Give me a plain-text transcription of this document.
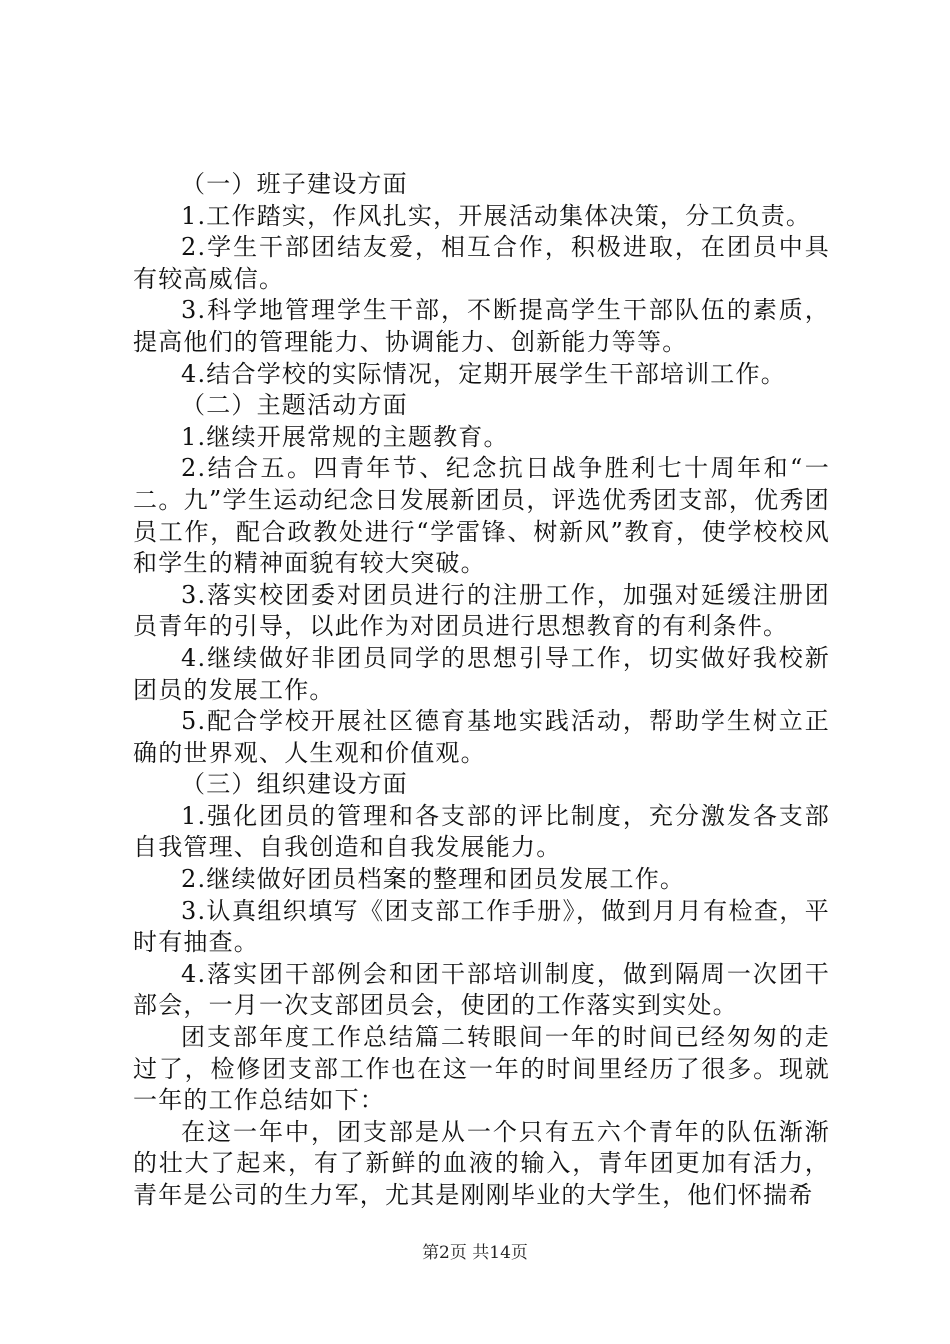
（一）班子建设方面

1.工作踏实，作风扎实，开展活动集体决策，分工负责。

2.学生干部团结友爱，相互合作，积极进取，在团员中具有较高威信。

3.科学地管理学生干部，不断提高学生干部队伍的素质，提高他们的管理能力、协调能力、创新能力等等。

4.结合学校的实际情况，定期开展学生干部培训工作。

（二）主题活动方面

1.继续开展常规的主题教育。

2.结合五。四青年节、纪念抗日战争胜利七十周年和“一二。九”学生运动纪念日发展新团员，评选优秀团支部，优秀团员工作，配合政教处进行“学雷锋、树新风”教育，使学校校风和学生的精神面貌有较大突破。

3.落实校团委对团员进行的注册工作，加强对延缓注册团员青年的引导，以此作为对团员进行思想教育的有利条件。

4.继续做好非团员同学的思想引导工作，切实做好我校新团员的发展工作。

5.配合学校开展社区德育基地实践活动，帮助学生树立正确的世界观、人生观和价值观。

（三）组织建设方面

1.强化团员的管理和各支部的评比制度，充分激发各支部自我管理、自我创造和自我发展能力。

2.继续做好团员档案的整理和团员发展工作。

3.认真组织填写《团支部工作手册》，做到月月有检查，平时有抽查。

4.落实团干部例会和团干部培训制度，做到隔周一次团干部会，一月一次支部团员会，使团的工作落实到实处。

团支部年度工作总结篇二转眼间一年的时间已经匆匆的走过了，检修团支部工作也在这一年的时间里经历了很多。现就一年的工作总结如下：

在这一年中，团支部是从一个只有五六个青年的队伍渐渐的壮大了起来，有了新鲜的血液的输入，青年团更加有活力，青年是公司的生力军，尤其是刚刚毕业的大学生，他们怀揣希

第2页 共14页
